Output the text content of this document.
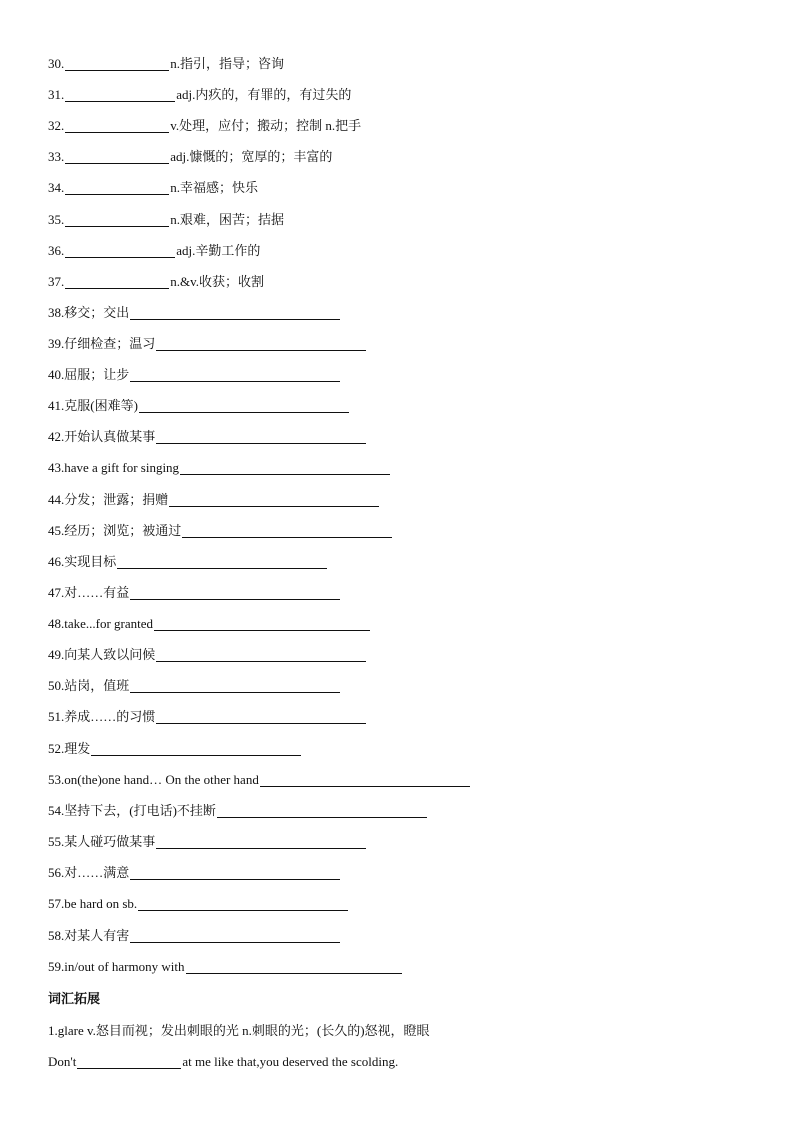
30.	n.指引，指导；咨询
31.	adj.内疚的，有罪的，有过失的
32.	v.处理，应付；搬动；控制 n.把手
33.	adj.慷慨的；宽厚的；丰富的
34.	n.幸福感；快乐
35.	n.艰难，困苦；拮据
36.	adj.辛勤工作的
37.	n.&v.收获；收割
38. 移交；交出
39. 仔细检查；温习
40. 屈服；让步
41. 克服(困难等)
42. 开始认真做某事
43. have a gift for singing
44. 分发；泄露；捐赠
45. 经历；浏览；被通过
46. 实现目标
47. 对……有益
48. take...for granted
49. 向某人致以问候
50. 站岗，值班
51. 养成……的习惯
52. 理发
53. on(the)one hand… On the other hand
54. 坚持下去，(打电话)不挂断
55. 某人碰巧做某事
56. 对……满意
57. be hard on sb.
58. 对某人有害
59. in/out of harmony with
词汇拓展
1.glare v.怒目而视；发出刺眼的光 n.刺眼的光；(长久的)怒视，瞪眼
Don't	at me like that,you deserved the scolding.
